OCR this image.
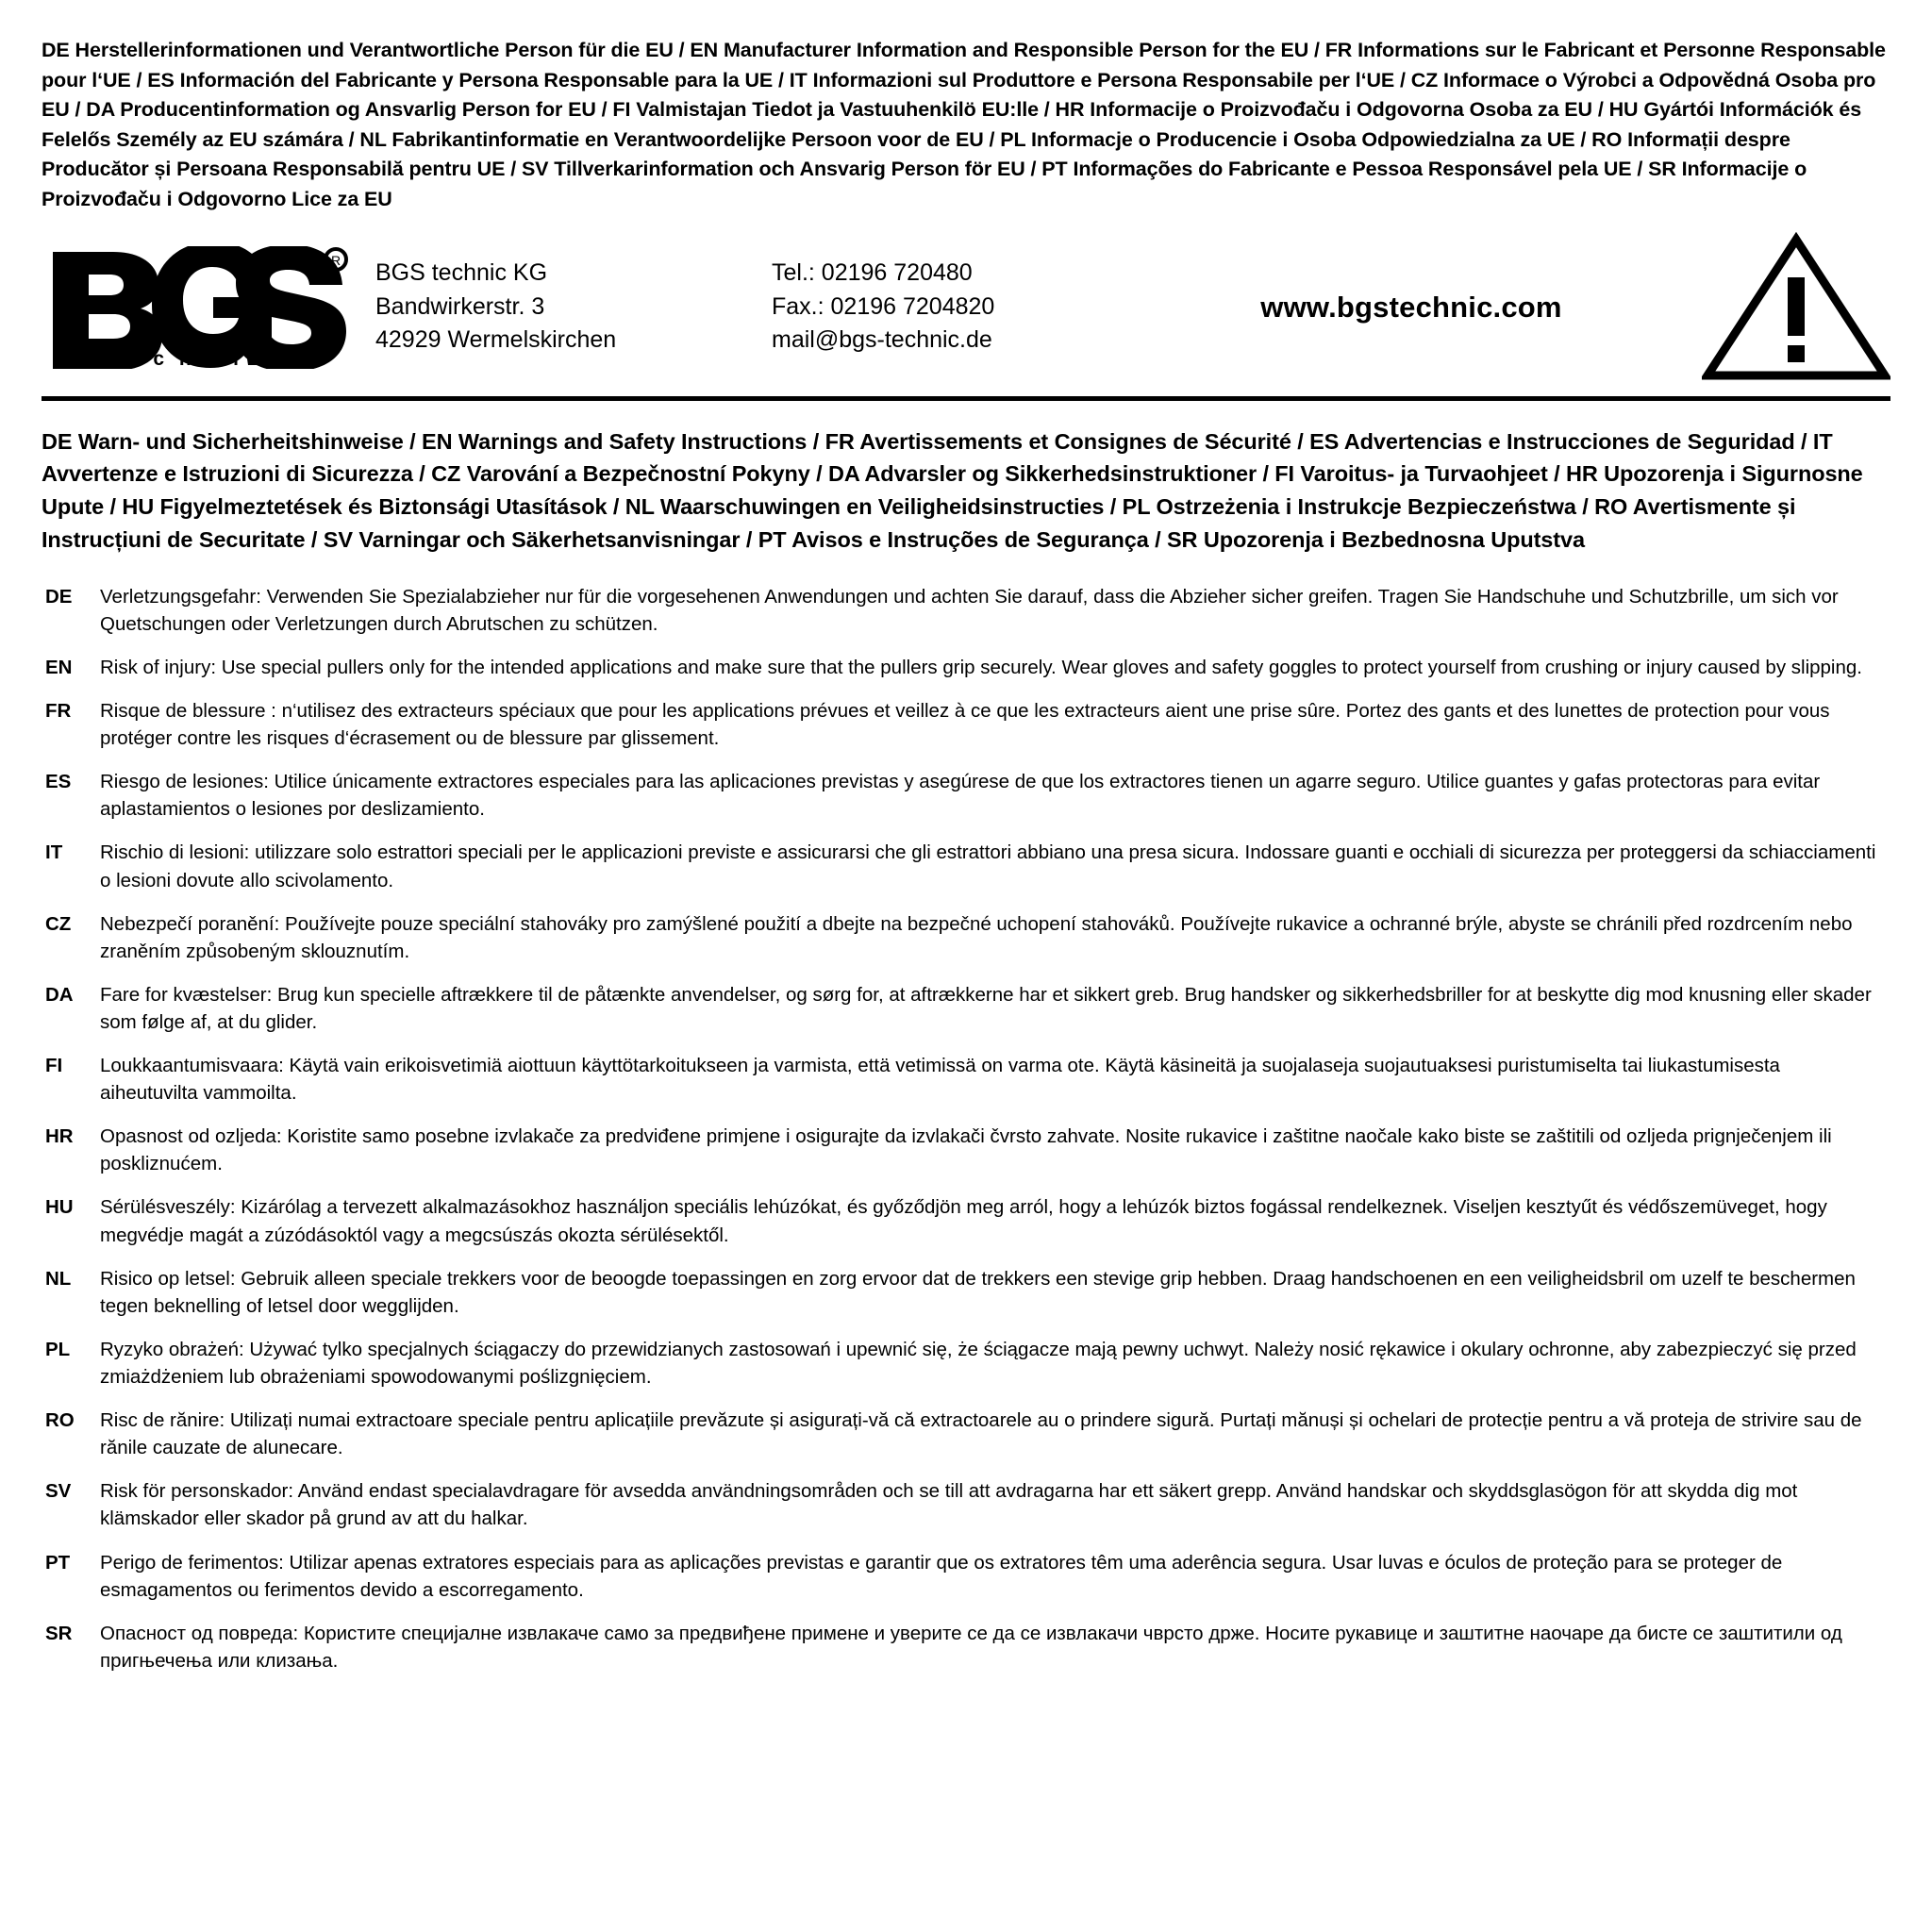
DE Herstellerinformationen und Verantwortliche Person für die EU / EN Manufacturer Information and Responsible Person for the EU / FR Informations sur le Fabricant et Personne Responsable pour l‘UE / ES Información del Fabricante y Persona Responsable para la UE / IT Informazioni sul Produttore e Persona Responsabile per l‘UE / CZ Informace o Výrobci a Odpovědná Osoba pro EU / DA Producentinformation og Ansvarlig Person for EU / FI Valmistajan Tiedot ja Vastuuhenkilö EU:lle / HR Informacije o Proizvođaču i Odgovorna Osoba za EU / HU Gyártói Információk és Felelős Személy az EU számára / NL Fabrikantinformatie en Verantwoordelijke Persoon voor de EU / PL Informacje o Producencie i Osoba Odpowiedzialna za UE / RO Informații despre Producător și Persoana Responsabilă pentru UE / SV Tillverkarinformation och Ansvarig Person för EU / PT Informações do Fabricante e Pessoa Responsável pela UE / SR Informacije o Proizvođaču i Odgovorno Lice za EU
R
t e c h n i c
BGS technic KG
Bandwirkerstr. 3
42929 Wermelskirchen
Tel.: 02196 720480
Fax.: 02196 7204820
mail@bgs-technic.de
www.bgstechnic.com
DE Warn- und Sicherheitshinweise / EN Warnings and Safety Instructions / FR Avertissements et Consignes de Sécurité / ES Advertencias e Instrucciones de Seguridad / IT Avvertenze e Istruzioni di Sicurezza / CZ Varování a Bezpečnostní Pokyny / DA Advarsler og Sikkerhedsinstruktioner / FI Varoitus- ja Turvaohjeet / HR Upozorenja i Sigurnosne Upute / HU Figyelmeztetések és Biztonsági Utasítások / NL Waarschuwingen en Veiligheidsinstructies / PL Ostrzeżenia i Instrukcje Bezpieczeństwa / RO Avertismente și Instrucțiuni de Securitate / SV Varningar och Säkerhetsanvisningar / PT Avisos e Instruções de Segurança / SR Upozorenja i Bezbednosna Uputstva
DE	Verletzungsgefahr: Verwenden Sie Spezialabzieher nur für die vorgesehenen Anwendungen und achten Sie darauf, dass die Abzieher sicher greifen. Tragen Sie Handschuhe und Schutzbrille, um sich vor Quetschungen oder Verletzungen durch Abrutschen zu schützen.
EN	Risk of injury: Use special pullers only for the intended applications and make sure that the pullers grip securely. Wear gloves and safety goggles to protect yourself from crushing or injury caused by slipping.
FR	Risque de blessure : n‘utilisez des extracteurs spéciaux que pour les applications prévues et veillez à ce que les extracteurs aient une prise sûre. Portez des gants et des lunettes de protection pour vous protéger contre les risques d‘écrasement ou de blessure par glissement.
ES	Riesgo de lesiones: Utilice únicamente extractores especiales para las aplicaciones previstas y asegúrese de que los extractores tienen un agarre seguro. Utilice guantes y gafas protectoras para evitar aplastamientos o lesiones por deslizamiento.
IT	Rischio di lesioni: utilizzare solo estrattori speciali per le applicazioni previste e assicurarsi che gli estrattori abbiano una presa sicura. Indossare guanti e occhiali di sicurezza per proteggersi da schiacciamenti o lesioni dovute allo scivolamento.
CZ	Nebezpečí poranění: Používejte pouze speciální stahováky pro zamýšlené použití a dbejte na bezpečné uchopení stahováků. Používejte rukavice a ochranné brýle, abyste se chránili před rozdrcením nebo zraněním způsobeným sklouznutím.
DA	Fare for kvæstelser: Brug kun specielle aftrækkere til de påtænkte anvendelser, og sørg for, at aftrækkerne har et sikkert greb. Brug handsker og sikkerhedsbriller for at beskytte dig mod knusning eller skader som følge af, at du glider.
FI	Loukkaantumisvaara: Käytä vain erikoisvetimiä aiottuun käyttötarkoitukseen ja varmista, että vetimissä on varma ote. Käytä käsineitä ja suojalaseja suojautuaksesi puristumiselta tai liukastumisesta aiheutuvilta vammoilta.
HR	Opasnost od ozljeda: Koristite samo posebne izvlakače za predviđene primjene i osigurajte da izvlakači čvrsto zahvate. Nosite rukavice i zaštitne naočale kako biste se zaštitili od ozljeda prignječenjem ili poskliznućem.
HU	Sérülésveszély: Kizárólag a tervezett alkalmazásokhoz használjon speciális lehúzókat, és győződjön meg arról, hogy a lehúzók biztos fogással rendelkeznek. Viseljen kesztyűt és védőszemüveget, hogy megvédje magát a zúzódásoktól vagy a megcsúszás okozta sérülésektől.
NL	Risico op letsel: Gebruik alleen speciale trekkers voor de beoogde toepassingen en zorg ervoor dat de trekkers een stevige grip hebben. Draag handschoenen en een veiligheidsbril om uzelf te beschermen tegen beknelling of letsel door wegglijden.
PL	Ryzyko obrażeń: Używać tylko specjalnych ściągaczy do przewidzianych zastosowań i upewnić się, że ściągacze mają pewny uchwyt. Należy nosić rękawice i okulary ochronne, aby zabezpieczyć się przed zmiażdżeniem lub obrażeniami spowodowanymi poślizgnięciem.
RO	Risc de rănire: Utilizați numai extractoare speciale pentru aplicațiile prevăzute și asigurați-vă că extractoarele au o prindere sigură. Purtați mănuși și ochelari de protecție pentru a vă proteja de strivire sau de rănile cauzate de alunecare.
SV	Risk för personskador: Använd endast specialavdragare för avsedda användningsområden och se till att avdragarna har ett säkert grepp. Använd handskar och skyddsglasögon för att skydda dig mot klämskador eller skador på grund av att du halkar.
PT	Perigo de ferimentos: Utilizar apenas extratores especiais para as aplicações previstas e garantir que os extratores têm uma aderência segura. Usar luvas e óculos de proteção para se proteger de esmagamentos ou ferimentos devido a escorregamento.
SR	Опасност од повреда: Користите специјалне извлакаче само за предвиђене примене и уверите се да се извлакачи чврсто држе. Носите рукавице и заштитне наочаре да бисте се заштитили од пригњечења или клизања.
